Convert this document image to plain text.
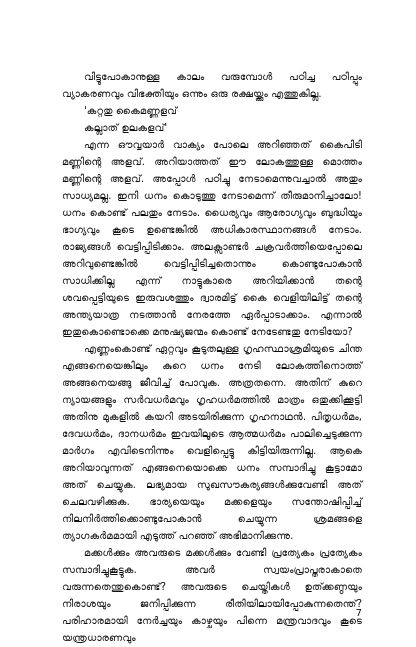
വിട്ടുപോകാനുള്ള കാലം വരുമ്പോൾ പഠിച്ച പഠിപ്പും വ്യാകരണവും വിഭക്തിയും ഒന്നും ഒരു രക്ഷയ്ക്കും എത്തുകില്ല.

'കറ്റതു കൈമണ്ണളവ്

കല്ലാത് ഉലകളവ്'

എന്ന ഔവ്വയാർ വാക്യം പോലെ അറിഞ്ഞത് കൈപിടി മണ്ണിന്റെ അളവ്. അറിയാത്തത് ഈ ലോകത്തുള്ള മൊത്തം മണ്ണിന്റെ അളവ്. അപ്പോൾ പഠിച്ചു നേടാമെന്നുവച്ചാൽ അതും സാധ്യമല്ല. ഇനി ധനം കൊടുത്തു നേടാമെന്ന് തീരുമാനിച്ചാലോ! ധനം കൊണ്ട് പലതും നേടാം. ധൈര്യവും ആരോഗ്യവും ബുദ്ധിയും ഭാഗ്യവും കൂടെ ഉണ്ടെങ്കിൽ അധികാരസ്ഥാനങ്ങൾ നേടാം. രാജ്യങ്ങൾ വെട്ടിപ്പിടിക്കാം. അലക്സാണ്ടർ ചക്രവർത്തിയെപ്പോലെ അറിവുണ്ടെങ്കിൽ വെട്ടിപ്പിടിച്ചതൊന്നും കൊണ്ടുപോകാൻ സാധിക്കില്ല എന്ന് നാട്ടുകാരെ അറിയിക്കാൻ തന്റെ ശവപ്പെട്ടിയുടെ ഇരുവശത്തും ദ്വാരമിട്ട് കൈ വെളിയിലിട്ട് തന്റെ അന്ത്യയാത്ര നടത്താൻ നേരത്തേ ഏർപ്പാടാക്കാം. എന്നാൽ ഇതുകൊണ്ടൊക്കെ മനുഷ്യജന്മം കൊണ്ട് നേടേണ്ടതു നേടിയോ?

എണ്ണംകൊണ്ട് ഏറ്റവും കൂടുതലുള്ള ഗൃഹസ്ഥാശ്രമിയുടെ ചിന്ത എങ്ങനെയെങ്കിലും കുറെ ധനം നേടി ലോകത്തിനൊത്ത് അങ്ങനെയങ്ങു ജീവിച്ച് പോവുക. അത്രതന്നെ. അതിന് കുറെ ന്യായങ്ങളും സർവധർമവും ഗൃഹധർമത്തിൽ മാത്രം ഒതുക്കിക്കൂട്ടി അതിനു മുകളിൽ കയറി അടയിരിക്കുന്ന ഗൃഹനാഥൻ. പിതൃധർമം, ദേവധർമം, ദാനധർമം ഇവയിലൂടെ ആത്മധർമം പാലിച്ചെടുക്കുന്ന മാർഗം എവിടെനിന്നും വെളിപ്പെട്ടു കിട്ടിയിരുന്നില്ല. ആകെ അറിയാവുന്നത് എങ്ങനെയൊക്കെ ധനം സമ്പാദിച്ചു കൂട്ടാമോ അത് ചെയ്യുക. ലഭ്യമായ സുഖസൗകര്യങ്ങൾക്കുവേണ്ടി അത് ചെലവഴിക്കുക. ഭാര്യയെയും മക്കളെയും സന്തോഷിപ്പിച്ച് നിലനിർത്തിക്കൊണ്ടുപോകാൻ ചെയ്യുന്ന ശ്രമങ്ങളെ ത്യാഗകർമമായി എടുത്ത് പറഞ്ഞ് അഭിമാനിക്കുന്നു.

മക്കൾക്കും അവരുടെ മക്കൾക്കും വേണ്ടി പ്രത്യേകം പ്രത്യേകം സമ്പാദിച്ചുകൂട്ടുക. അവർ സ്വയംപ്രാപ്തരാകാതെ വരുന്നതെന്തുകൊണ്ട്? അവരുടെ ചെയ്തികൾ ഉത്ക്കണ്ഠയും നിരാശയും ജനിപ്പിക്കുന്ന രീതിയിലായിപ്പോകുന്നതെന്ത്? പരിഹാരമായി നേർച്ചയും കാഴ്ചയും പിന്നെ മന്ത്രവാദവും കൂടെ യന്ത്രധാരണവും

7
